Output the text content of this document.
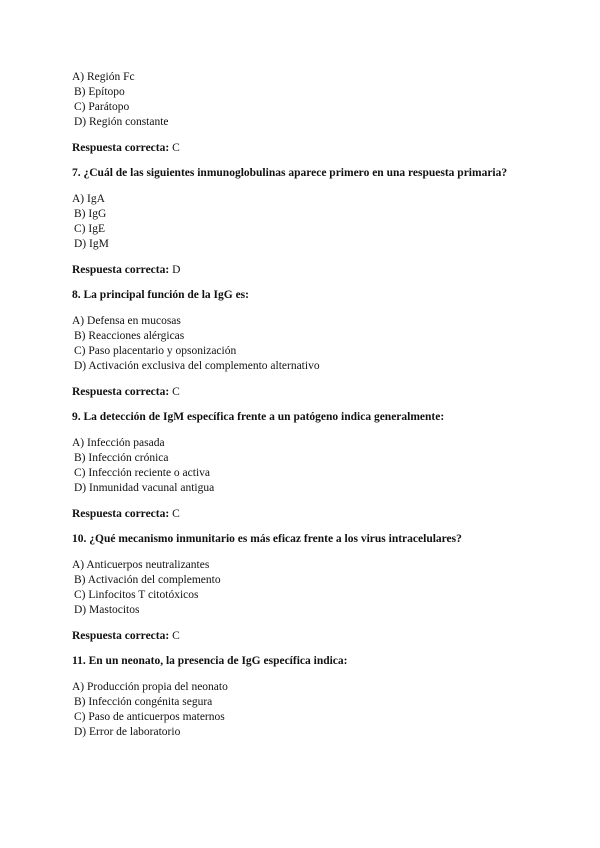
A) Región Fc
B) Epítopo
C) Parátopo
D) Región constante
Respuesta correcta: C
7. ¿Cuál de las siguientes inmunoglobulinas aparece primero en una respuesta primaria?
A) IgA
B) IgG
C) IgE
D) IgM
Respuesta correcta: D
8. La principal función de la IgG es:
A) Defensa en mucosas
B) Reacciones alérgicas
C) Paso placentario y opsonización
D) Activación exclusiva del complemento alternativo
Respuesta correcta: C
9. La detección de IgM específica frente a un patógeno indica generalmente:
A) Infección pasada
B) Infección crónica
C) Infección reciente o activa
D) Inmunidad vacunal antigua
Respuesta correcta: C
10. ¿Qué mecanismo inmunitario es más eficaz frente a los virus intracelulares?
A) Anticuerpos neutralizantes
B) Activación del complemento
C) Linfocitos T citotóxicos
D) Mastocitos
Respuesta correcta: C
11. En un neonato, la presencia de IgG específica indica:
A) Producción propia del neonato
B) Infección congénita segura
C) Paso de anticuerpos maternos
D) Error de laboratorio
